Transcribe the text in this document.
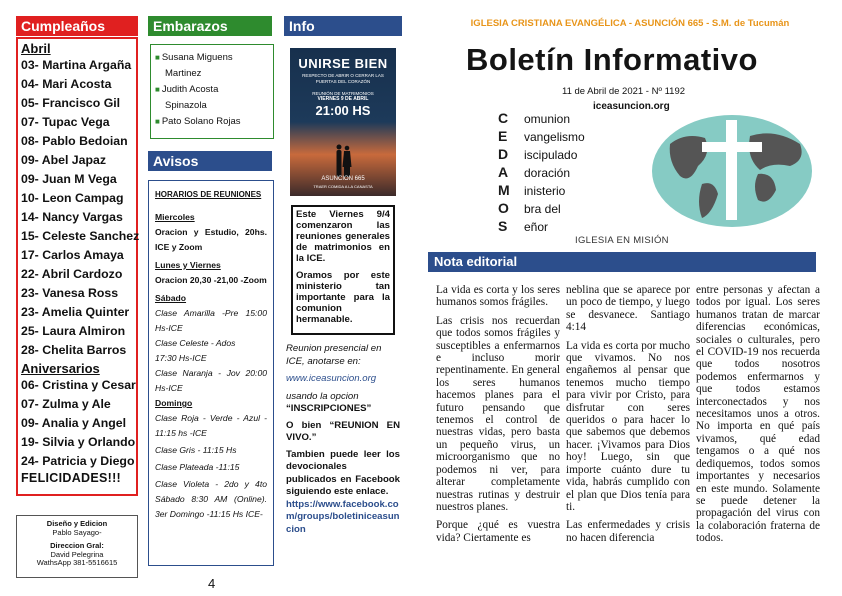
Cumpleaños
Abril
03- Martina Argaña
04- Mari Acosta
05- Francisco Gil
07- Tupac Vega
08- Pablo Bedoian
09- Abel Japaz
09- Juan M Vega
10- Leon Campag
14- Nancy Vargas
15- Celeste Sanchez
17- Carlos Amaya
22- Abril Cardozo
23- Vanesa Ross
23- Amelia Quinter
25- Laura Almiron
28- Chelita Barros
Aniversarios
06- Cristina y Cesar
07- Zulma y Ale
09- Analia y Angel
19- Silvia y Orlando
24- Patricia y Diego
FELICIDADES!!!
Embarazos
■ Susana Miguens
Martinez
■ Judith Acosta
Spinazola
■ Pato Solano Rojas
Avisos
HORARIOS DE REUNIONES
Miercoles
Oracion y Estudio, 20hs. ICE y Zoom
Lunes y Viernes
Oracion 20,30 -21,00 -Zoom
Sábado
Clase Amarilla -Pre 15:00 Hs-ICE
Clase Celeste - Ados
17:30 Hs-ICE
Clase Naranja - Jov 20:00 Hs-ICE
Domingo
Clase Roja - Verde - Azul - 11:15 hs -ICE
Clase Gris - 11:15 Hs
Clase Plateada -11:15
Clase Violeta - 2do y 4to Sábado 8:30 AM (Online). 3er Domingo -11:15 Hs ICE-
Info
UNIRSE BIEN
RESPECTO DE ABRIR O CERRAR LAS PUERTAS DEL CORAZÓN
REUNIÓN DE MATRIMONIOS
VIERNES 9 DE ABRIL
21:00 HS
ASUNCION 665
TRAER COMIDA A LA CANASTA
Este Viernes 9/4 comenzaron las reuniones generales de matrimonios en la ICE.
Oramos por este ministerio tan importante para la comunion hermanable.
Reunion presencial en ICE, anotarse en:
www.iceasuncion.org
usando la opcion
“INSCRIPCIONES”
O bien “REUNION EN VIVO.”
Tambien puede leer los devocionales publicados en Facebook siguiendo este enlace.
https://www.facebook.com/groups/boletiniceasuncion
Diseño y Edicion
Pablo Sayago-
Direccion Gral:
David Pelegrina
WathsApp 381-5516615
4
IGLESIA CRISTIANA EVANGÉLICA - ASUNCIÓN 665 - S.M. de Tucumán
Boletín Informativo
11 de Abril de 2021 - Nº 1192
iceasuncion.org
C omunion
E vangelismo
D iscipulado
A doración
M inisterio
O bra del
S eñor
IGLESIA EN MISIÓN
Nota editorial

La vida es corta y los seres humanos somos frágiles.

Las crisis nos recuerdan que todos somos frágiles y susceptibles a enfermarnos e incluso morir repentinamente. En general los seres humanos hacemos planes para el futuro pensando que tenemos el control de nuestras vidas, pero basta un pequeño virus, un microorganismo que no podemos ni ver, para alterar completamente nuestras rutinas y destruir nuestros planes.

Porque ¿qué es vuestra vida? Ciertamente es

neblina que se aparece por un poco de tiempo, y luego se desvanece. Santiago 4:14

La vida es corta por mucho que vivamos. No nos engañemos al pensar que tenemos mucho tiempo para vivir por Cristo, para disfrutar con seres queridos o para hacer lo que sabemos que debemos hacer. ¡Vivamos para Dios hoy! Luego, sin que importe cuánto dure tu vida, habrás cumplido con el plan que Dios tenía para ti.

Las enfermedades y crisis no hacen diferencia

entre personas y afectan a todos por igual. Los seres humanos tratan de marcar diferencias económicas, sociales o culturales, pero el COVID-19 nos recuerda que todos nosotros podemos enfermarnos y que todos estamos interconectados y nos necesitamos unos a otros. No importa en qué país vivamos, qué edad tengamos o a qué nos dediquemos, todos somos importantes y necesarios en este mundo. Solamente se puede detener la propagación del virus con la colaboración fraterna de todos.
